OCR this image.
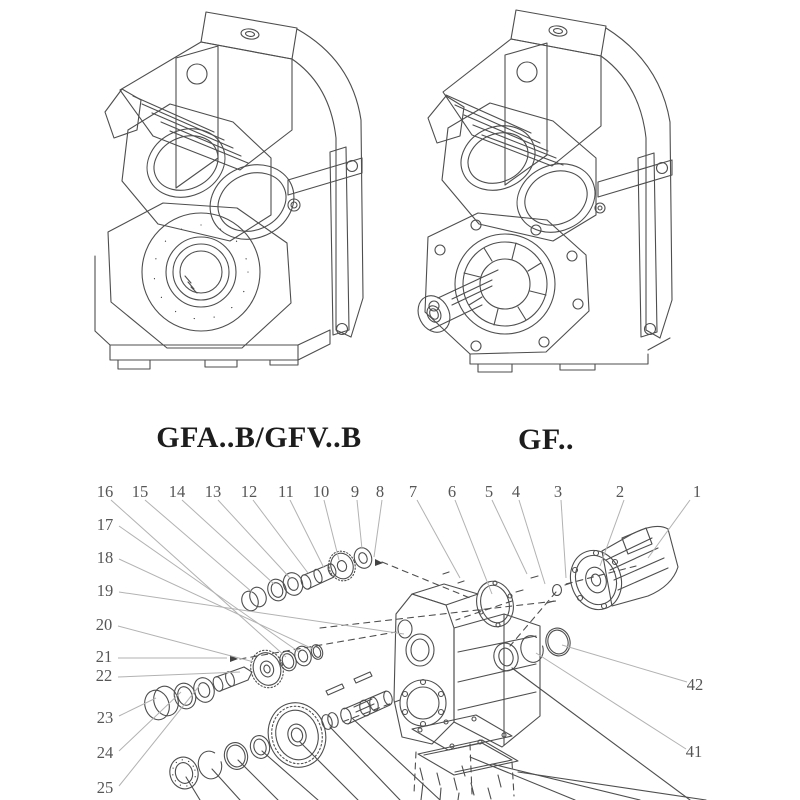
GFA..B/GFV..B	GF..
1
2
3
4
5
6
7
8
9
10
11
12
13
14
15
16
17
18
19
20
21
22
23
24
25
41
42
